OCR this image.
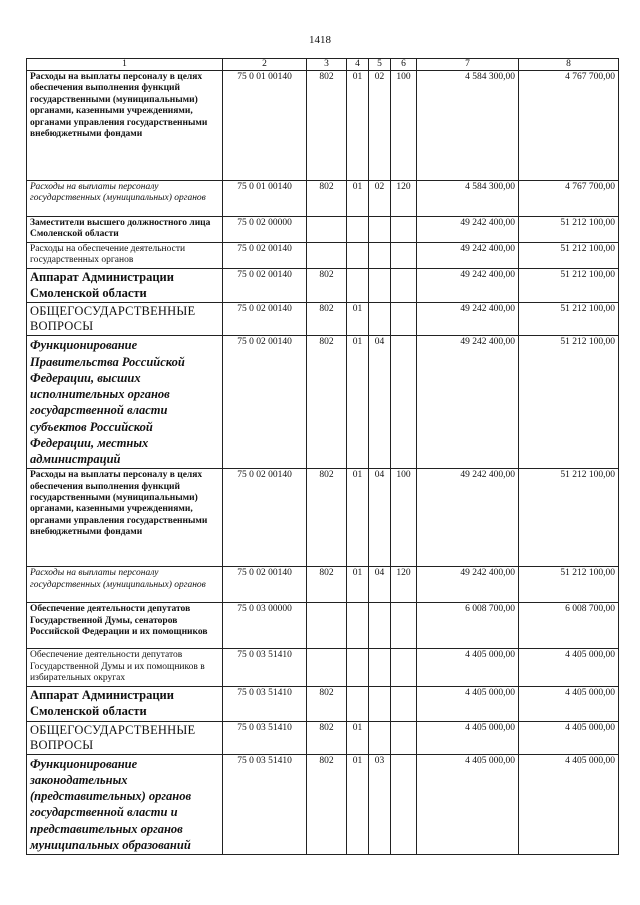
1418
1	2	3	4	5	6	7	8
Расходы на выплаты персоналу в целях обеспечения выполнения функций государственными (муниципальными) органами, казенными учреждениями, органами управления государственными внебюджетными фондами	75 0 01 00140	802	01	02	100	4 584 300,00	4 767 700,00
Расходы на выплаты персоналу государственных (муниципальных) органов	75 0 01 00140	802	01	02	120	4 584 300,00	4 767 700,00
Заместители высшего должностного лица Смоленской области	75 0 02 00000					49 242 400,00	51 212 100,00
Расходы на обеспечение деятельности государственных органов	75 0 02 00140					49 242 400,00	51 212 100,00
Аппарат Администрации Смоленской области	75 0 02 00140	802				49 242 400,00	51 212 100,00
ОБЩЕГОСУДАРСТВЕННЫЕ ВОПРОСЫ	75 0 02 00140	802	01			49 242 400,00	51 212 100,00
Функционирование Правительства Российской Федерации, высших исполнительных органов государственной власти субъектов Российской Федерации, местных администраций	75 0 02 00140	802	01	04		49 242 400,00	51 212 100,00
Расходы на выплаты персоналу в целях обеспечения выполнения функций государственными (муниципальными) органами, казенными учреждениями, органами управления государственными внебюджетными фондами	75 0 02 00140	802	01	04	100	49 242 400,00	51 212 100,00
Расходы на выплаты персоналу государственных (муниципальных) органов	75 0 02 00140	802	01	04	120	49 242 400,00	51 212 100,00
Обеспечение деятельности депутатов Государственной Думы, сенаторов Российской Федерации и их помощников	75 0 03 00000					6 008 700,00	6 008 700,00
Обеспечение деятельности депутатов Государственной Думы и их помощников в избирательных округах	75 0 03 51410					4 405 000,00	4 405 000,00
Аппарат Администрации Смоленской области	75 0 03 51410	802				4 405 000,00	4 405 000,00
ОБЩЕГОСУДАРСТВЕННЫЕ ВОПРОСЫ	75 0 03 51410	802	01			4 405 000,00	4 405 000,00
Функционирование законодательных (представительных) органов государственной власти и представительных органов муниципальных образований	75 0 03 51410	802	01	03		4 405 000,00	4 405 000,00
